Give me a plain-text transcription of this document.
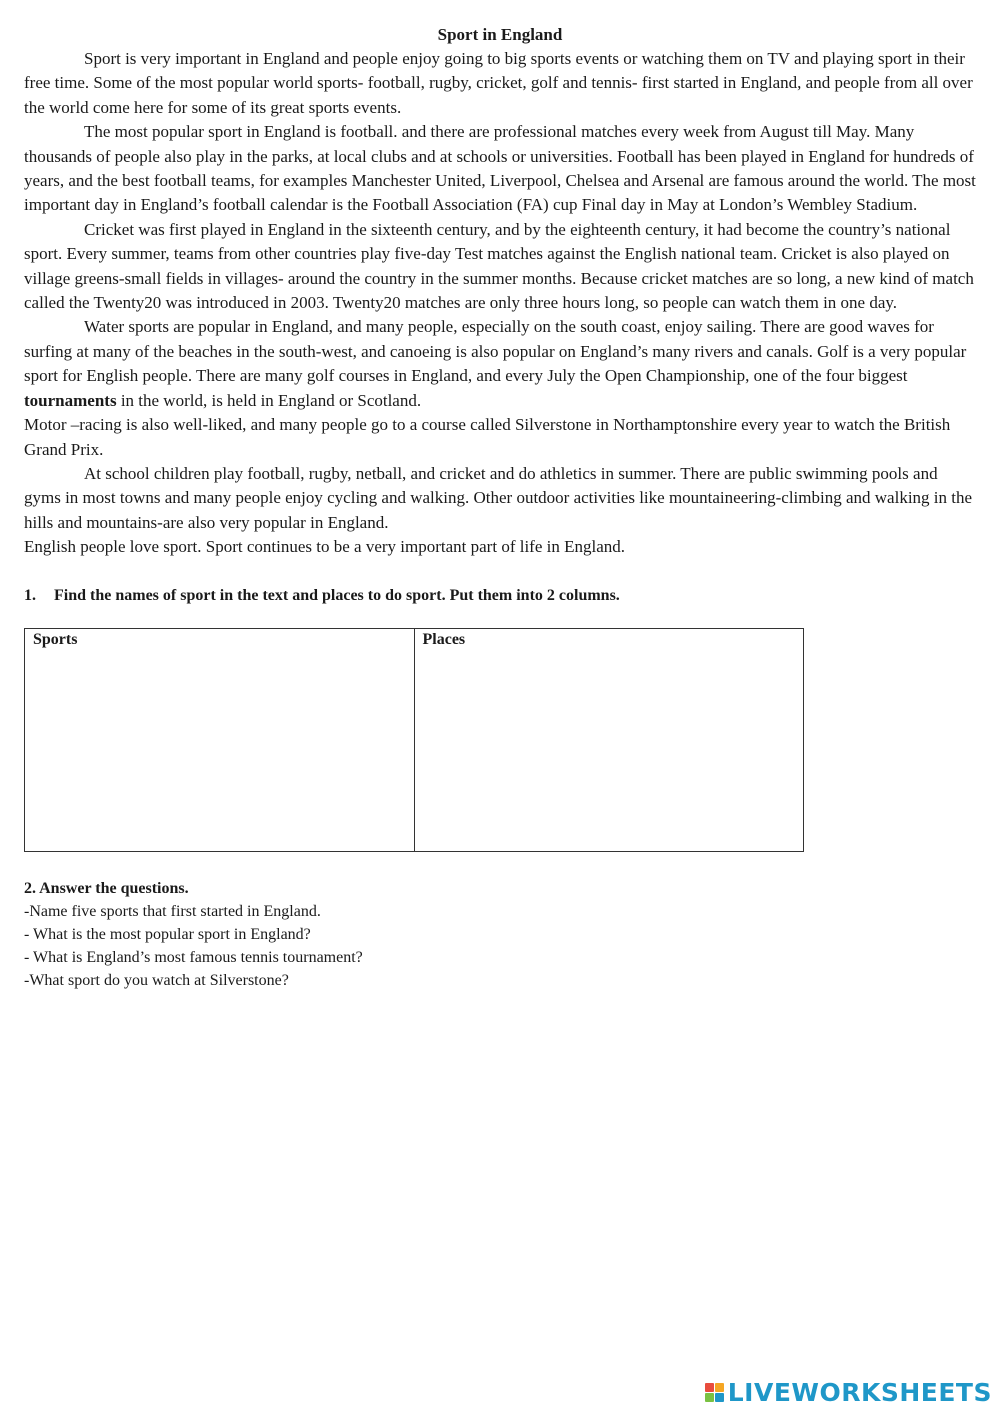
Sport in England

Sport is very important in England and people enjoy going to big sports events or watching them on TV and playing sport in their free time. Some of the most popular world sports- football, rugby, cricket, golf and tennis- first started in England, and people from all over the world come here for some of its great sports events.

The most popular sport in England is football. and there are professional matches every week from August till May. Many thousands of people also play in the parks, at local clubs and at schools or universities. Football has been played in England for hundreds of years, and the best football teams, for examples Manchester United, Liverpool, Chelsea and Arsenal are famous around the world. The most important day in England’s football calendar is the Football Association (FA) cup Final day in May at London’s Wembley Stadium.

Cricket was first played in England in the sixteenth century, and by the eighteenth century, it had become the country’s national sport. Every summer, teams from other countries play five-day Test matches against the English national team. Cricket is also played on village greens-small fields in villages- around the country in the summer months. Because cricket matches are so long, a new kind of match called the Twenty20 was introduced in 2003. Twenty20 matches are only three hours long, so people can watch them in one day.

Water sports are popular in England, and many people, especially on the south coast, enjoy sailing. There are good waves for surfing at many of the beaches in the south-west, and canoeing is also popular on England’s many rivers and canals. Golf is a very popular sport for English people. There are many golf courses in England, and every July the Open Championship, one of the four biggest tournaments in the world, is held in England or Scotland.

Motor –racing is also well-liked, and many people go to a course called Silverstone in Northamptonshire every year to watch the British Grand Prix.

At school children play football, rugby, netball, and cricket and do athletics in summer. There are public swimming pools and gyms in most towns and many people enjoy cycling and walking. Other outdoor activities like mountaineering-climbing and walking in the hills and mountains-are also very popular in England.

English people love sport. Sport continues to be a very important part of life in England.

1. Find the names of sport in the text and places to do sport. Put them into 2 columns.

Sports	Places
2. Answer the questions.
-Name five sports that first started in England.
- What is the most popular sport in England?
- What is England’s most famous tennis tournament?
-What sport do you watch at Silverstone?
LIVEWORKSHEETS
